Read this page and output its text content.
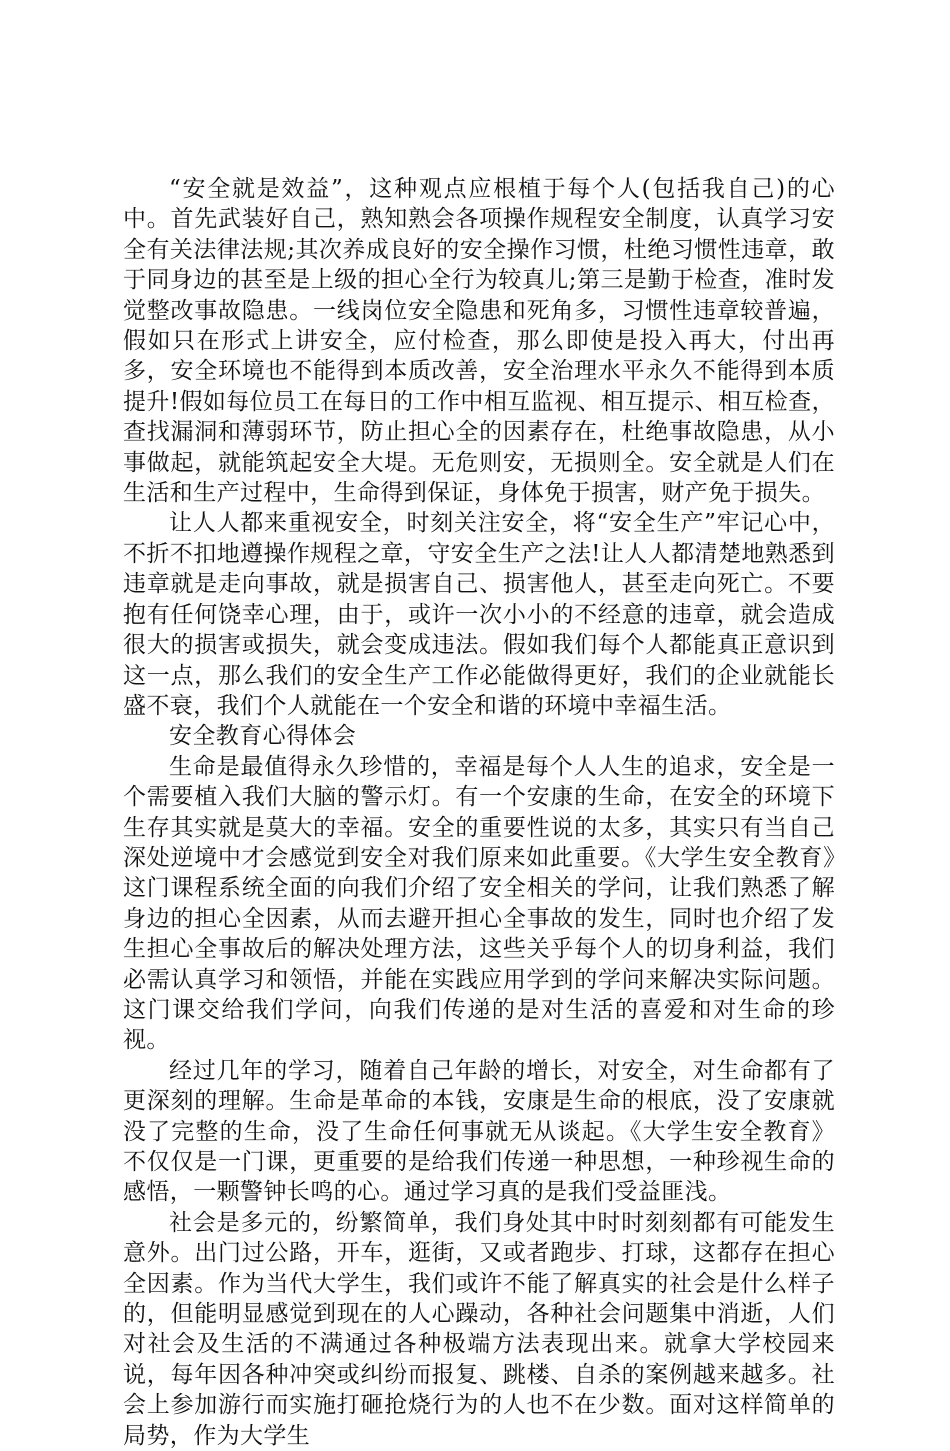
“安全就是效益”，这种观点应根植于每个人(包括我自己)的心中。首先武装好自己，熟知熟会各项操作规程安全制度，认真学习安全有关法律法规;其次养成良好的安全操作习惯，杜绝习惯性违章，敢于同身边的甚至是上级的担心全行为较真儿;第三是勤于检查，准时发觉整改事故隐患。一线岗位安全隐患和死角多，习惯性违章较普遍，假如只在形式上讲安全，应付检查，那么即使是投入再大，付出再多，安全环境也不能得到本质改善，安全治理水平永久不能得到本质提升!假如每位员工在每日的工作中相互监视、相互提示、相互检查，查找漏洞和薄弱环节，防止担心全的因素存在，杜绝事故隐患，从小事做起，就能筑起安全大堤。无危则安，无损则全。安全就是人们在生活和生产过程中，生命得到保证，身体免于损害，财产免于损失。

让人人都来重视安全，时刻关注安全，将“安全生产”牢记心中，不折不扣地遵操作规程之章，守安全生产之法!让人人都清楚地熟悉到违章就是走向事故，就是损害自己、损害他人，甚至走向死亡。不要抱有任何饶幸心理，由于，或许一次小小的不经意的违章，就会造成很大的损害或损失，就会变成违法。假如我们每个人都能真正意识到这一点，那么我们的安全生产工作必能做得更好，我们的企业就能长盛不衰，我们个人就能在一个安全和谐的环境中幸福生活。

安全教育心得体会

生命是最值得永久珍惜的，幸福是每个人人生的追求，安全是一个需要植入我们大脑的警示灯。有一个安康的生命，在安全的环境下生存其实就是莫大的幸福。安全的重要性说的太多，其实只有当自己深处逆境中才会感觉到安全对我们原来如此重要。《大学生安全教育》这门课程系统全面的向我们介绍了安全相关的学问，让我们熟悉了解身边的担心全因素，从而去避开担心全事故的发生，同时也介绍了发生担心全事故后的解决处理方法，这些关乎每个人的切身利益，我们必需认真学习和领悟，并能在实践应用学到的学问来解决实际问题。这门课交给我们学问，向我们传递的是对生活的喜爱和对生命的珍视。

经过几年的学习，随着自己年龄的增长，对安全，对生命都有了更深刻的理解。生命是革命的本钱，安康是生命的根底，没了安康就没了完整的生命，没了生命任何事就无从谈起。《大学生安全教育》不仅仅是一门课，更重要的是给我们传递一种思想，一种珍视生命的感悟，一颗警钟长鸣的心。通过学习真的是我们受益匪浅。

社会是多元的，纷繁简单，我们身处其中时时刻刻都有可能发生意外。出门过公路，开车，逛街，又或者跑步、打球，这都存在担心全因素。作为当代大学生，我们或许不能了解真实的社会是什么样子的，但能明显感觉到现在的人心躁动，各种社会问题集中消逝，人们对社会及生活的不满通过各种极端方法表现出来。就拿大学校园来说，每年因各种冲突或纠纷而报复、跳楼、自杀的案例越来越多。社会上参加游行而实施打砸抢烧行为的人也不在少数。面对这样简单的局势，作为大学生
